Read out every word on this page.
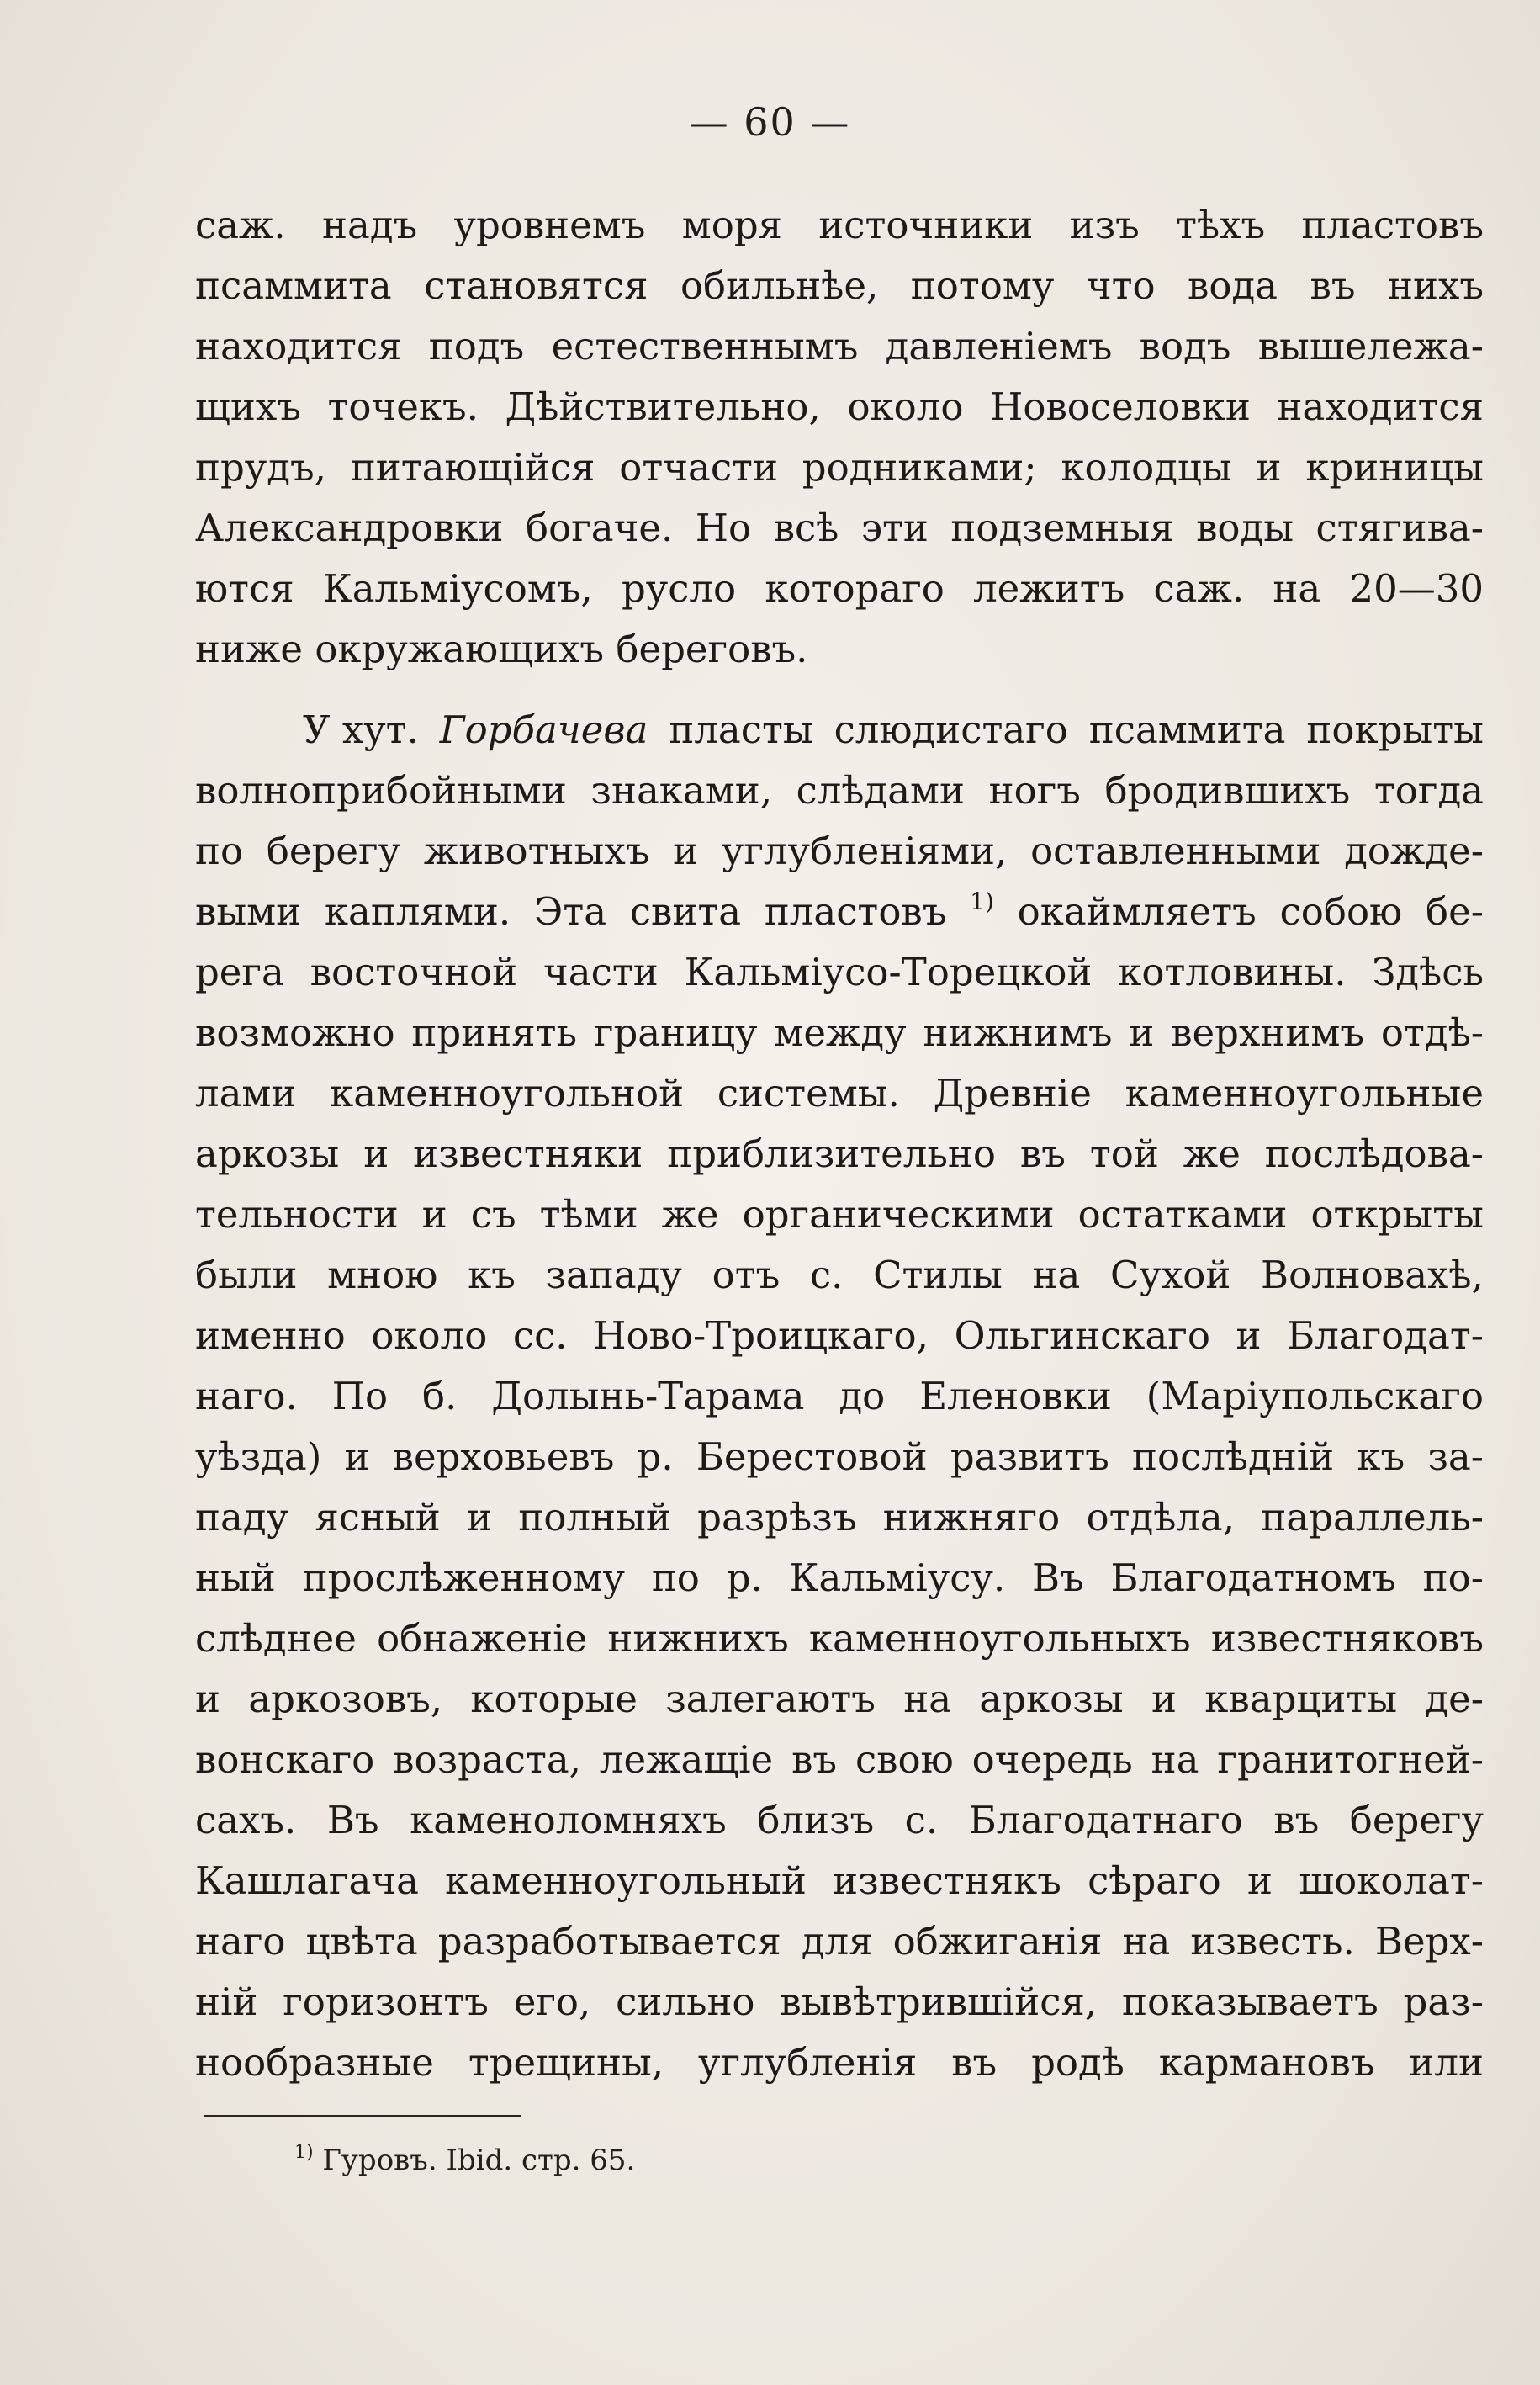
— 60 —
саж. надъ уровнемъ моря источники изъ тѣхъ пластовъ
псаммита становятся обильнѣе, потому что вода въ нихъ
находится подъ естественнымъ давленіемъ водъ вышележа-
щихъ точекъ. Дѣйствительно, около Новоселовки находится
прудъ, питающійся отчасти родниками; колодцы и криницы
Александровки богаче. Но всѣ эти подземныя воды стягива-
ются Кальміусомъ, русло котораго лежитъ саж. на 20—30
ниже окружающихъ береговъ.
У хут. Горбачева пласты слюдистаго псаммита покрыты
волноприбойными знаками, слѣдами ногъ бродившихъ тогда
по берегу животныхъ и углубленіями, оставленными дожде-
выми каплями. Эта свита пластовъ $^{1)}$ окаймляетъ собою бе-
рега восточной части Кальміусо-Торецкой котловины. Здѣсь
возможно принять границу между нижнимъ и верхнимъ отдѣ-
лами каменноугольной системы. Древніе каменноугольные
аркозы и известняки приблизительно въ той же послѣдова-
тельности и съ тѣми же органическими остатками открыты
были мною къ западу отъ с. Стилы на Сухой Волновахѣ,
именно около сс. Ново-Троицкаго, Ольгинскаго и Благодат-
наго. По б. Долынь-Тарама до Еленовки (Маріупольскаго
уѣзда) и верховьевъ р. Берестовой развитъ послѣдній къ за-
паду ясный и полный разрѣзъ нижняго отдѣла, параллель-
ный прослѣженному по р. Кальміусу. Въ Благодатномъ по-
слѣднее обнаженіе нижнихъ каменноугольныхъ известняковъ
и аркозовъ, которые залегаютъ на аркозы и кварциты де-
вонскаго возраста, лежащіе въ свою очередь на гранитогней-
сахъ. Въ каменоломняхъ близъ с. Благодатнаго въ берегу
Кашлагача каменноугольный известнякъ сѣраго и шоколат-
наго цвѣта разработывается для обжиганія на известь. Верх-
ній горизонтъ его, сильно вывѣтрившійся, показываетъ раз-
нообразные трещины, углубленія въ родѣ кармановъ или
$^{1)}$ Гуровъ. Ibid. стр. 65.
